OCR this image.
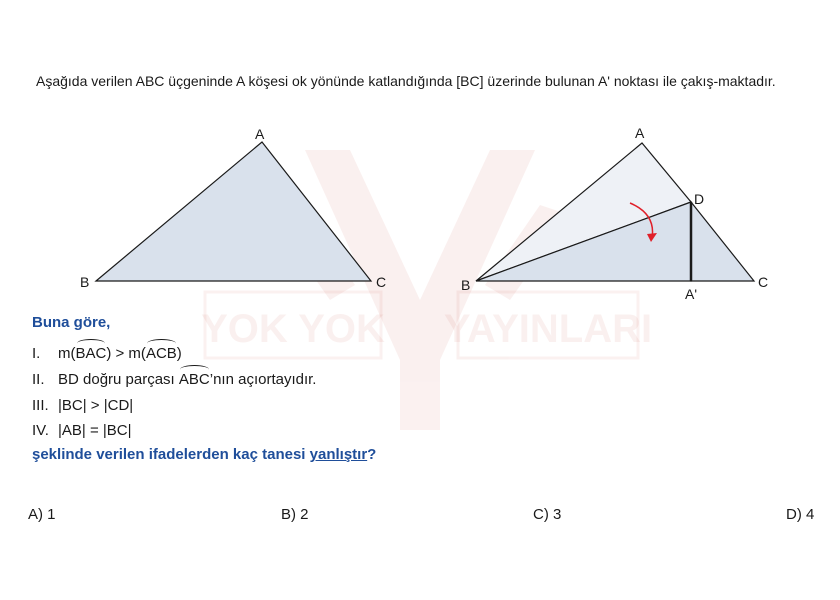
YOK YOK YAYINLARI
Aşağıda verilen ABC üçgeninde A köşesi ok yönünde katlandığında [BC] üzerinde bulunan A' noktası ile çakış-maktadır.
A
B	C
A
B	C
D
A'
Buna göre,
I. m(BAC) > m(ACB)
II. BD doğru parçası ABC’nın açıortayıdır.
III. |BC| > |CD|
IV. |AB| = |BC|
şeklinde verilen ifadelerden kaç tanesi yanlıştır?
A) 1	B) 2	C) 3	D) 4
